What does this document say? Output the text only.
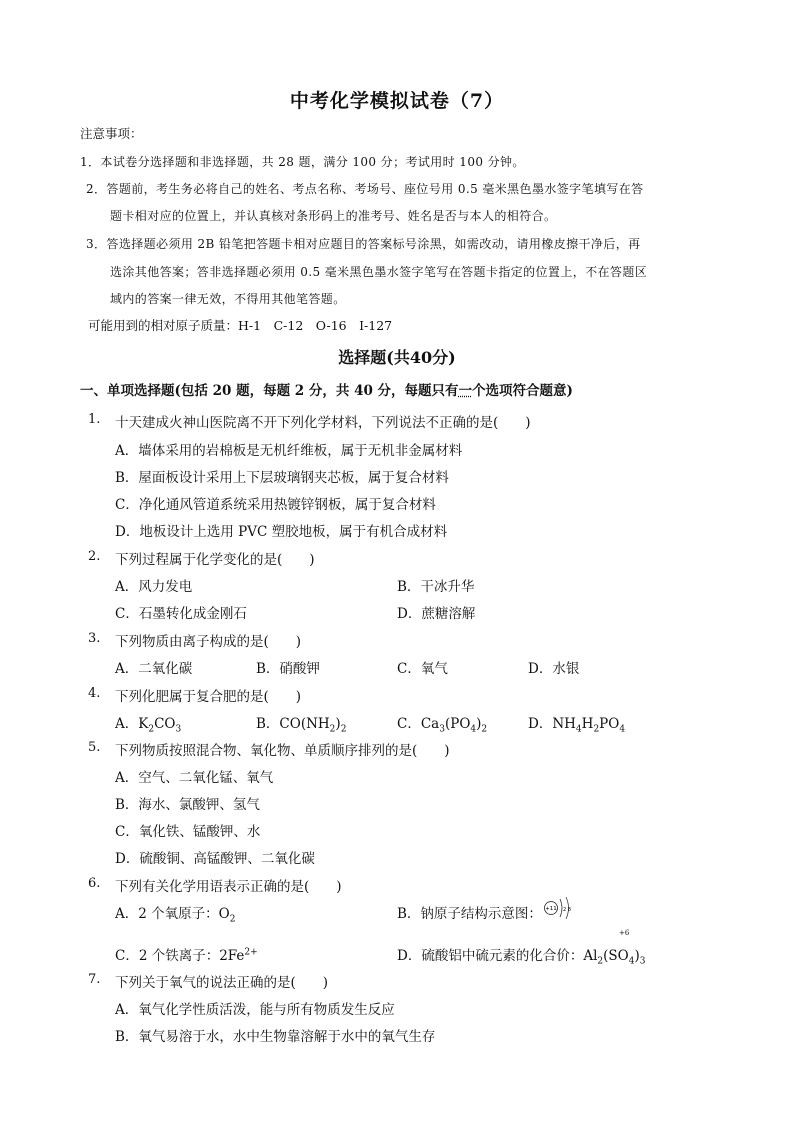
中考化学模拟试卷（7）
注意事项：
1．本试卷分选择题和非选择题，共 28 题，满分 100 分；考试用时 100 分钟。
2．答题前，考生务必将自己的姓名、考点名称、考场号、座位号用 0.5 毫米黑色墨水签字笔填写在答
题卡相对应的位置上，并认真核对条形码上的准考号、姓名是否与本人的相符合。
3．答选择题必须用 2B 铅笔把答题卡相对应题目的答案标号涂黑，如需改动，请用橡皮擦干净后，再
选涂其他答案；答非选择题必须用 0.5 毫米黑色墨水签字笔写在答题卡指定的位置上，不在答题区
域内的答案一律无效，不得用其他笔答题。
可能用到的相对原子质量：H-1　C-12　O-16　I-127
选择题(共40分)
一、单项选择题(包括 20 题，每题 2 分，共 40 分，每题只有一个选项符合题意)
1. 十天建成火神山医院离不开下列化学材料，下列说法不正确的是(　　)
A．墙体采用的岩棉板是无机纤维板，属于无机非金属材料
B．屋面板设计采用上下层玻璃钢夹芯板，属于复合材料
C．净化通风管道系统采用热镀锌钢板，属于复合材料
D．地板设计上选用 PVC 塑胶地板，属于有机合成材料
2. 下列过程属于化学变化的是(　　)
A．风力发电	B．干冰升华
C．石墨转化成金刚石	D．蔗糖溶解
3. 下列物质由离子构成的是(　　)
A．二氧化碳	B．硝酸钾	C．氧气	D．水银
4. 下列化肥属于复合肥的是(　　)
A．$K_2CO_3$	B．$CO(NH_2)_2$	C．$Ca_3(PO_4)_2$	D．$NH_4H_2PO_4$
5. 下列物质按照混合物、氧化物、单质顺序排列的是(　　)
A．空气、二氧化锰、氧气
B．海水、氯酸钾、氢气
C．氧化铁、锰酸钾、水
D．硫酸铜、高锰酸钾、二氧化碳
6. 下列有关化学用语表示正确的是(　　)
A．2 个氧原子：$O_2$	B．钠原子结构示意图： +11 2 8
C．2 个铁离子：$2Fe^{2+}$	D．硫酸铝中硫元素的化合价：$Al_2(SO_4)_3$
+6
7. 下列关于氧气的说法正确的是(　　)
A．氧气化学性质活泼，能与所有物质发生反应
B．氧气易溶于水，水中生物靠溶解于水中的氧气生存
